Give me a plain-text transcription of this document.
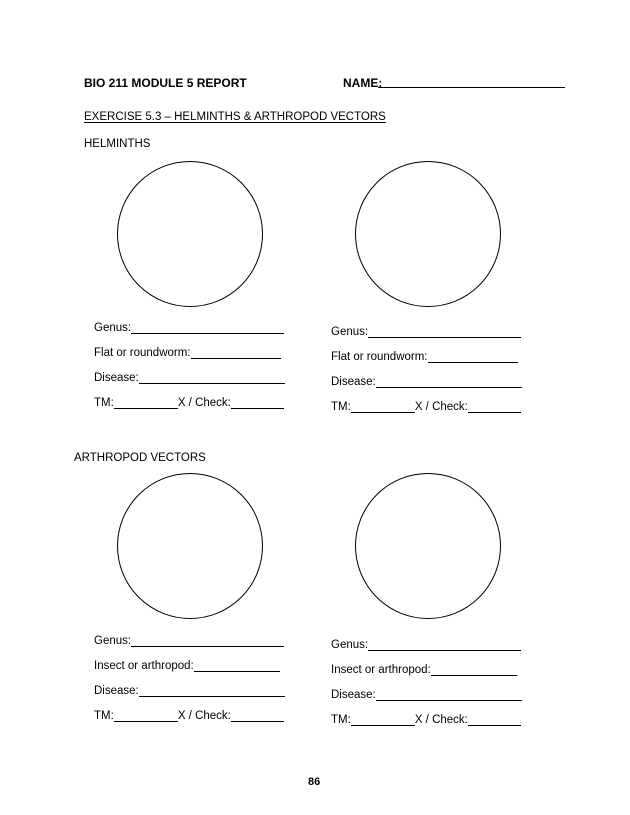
BIO 211 MODULE 5 REPORT	NAME:
EXERCISE 5.3 – HELMINTHS & ARTHROPOD VECTORS
HELMINTHS
Genus:
Flat or roundworm:
Disease:
TM:	X / Check:
Genus:
Flat or roundworm:
Disease:
TM:	X / Check:
ARTHROPOD VECTORS
Genus:
Insect or arthropod:
Disease:
TM:	X / Check:
Genus:
Insect or arthropod:
Disease:
TM:	X / Check:
86
